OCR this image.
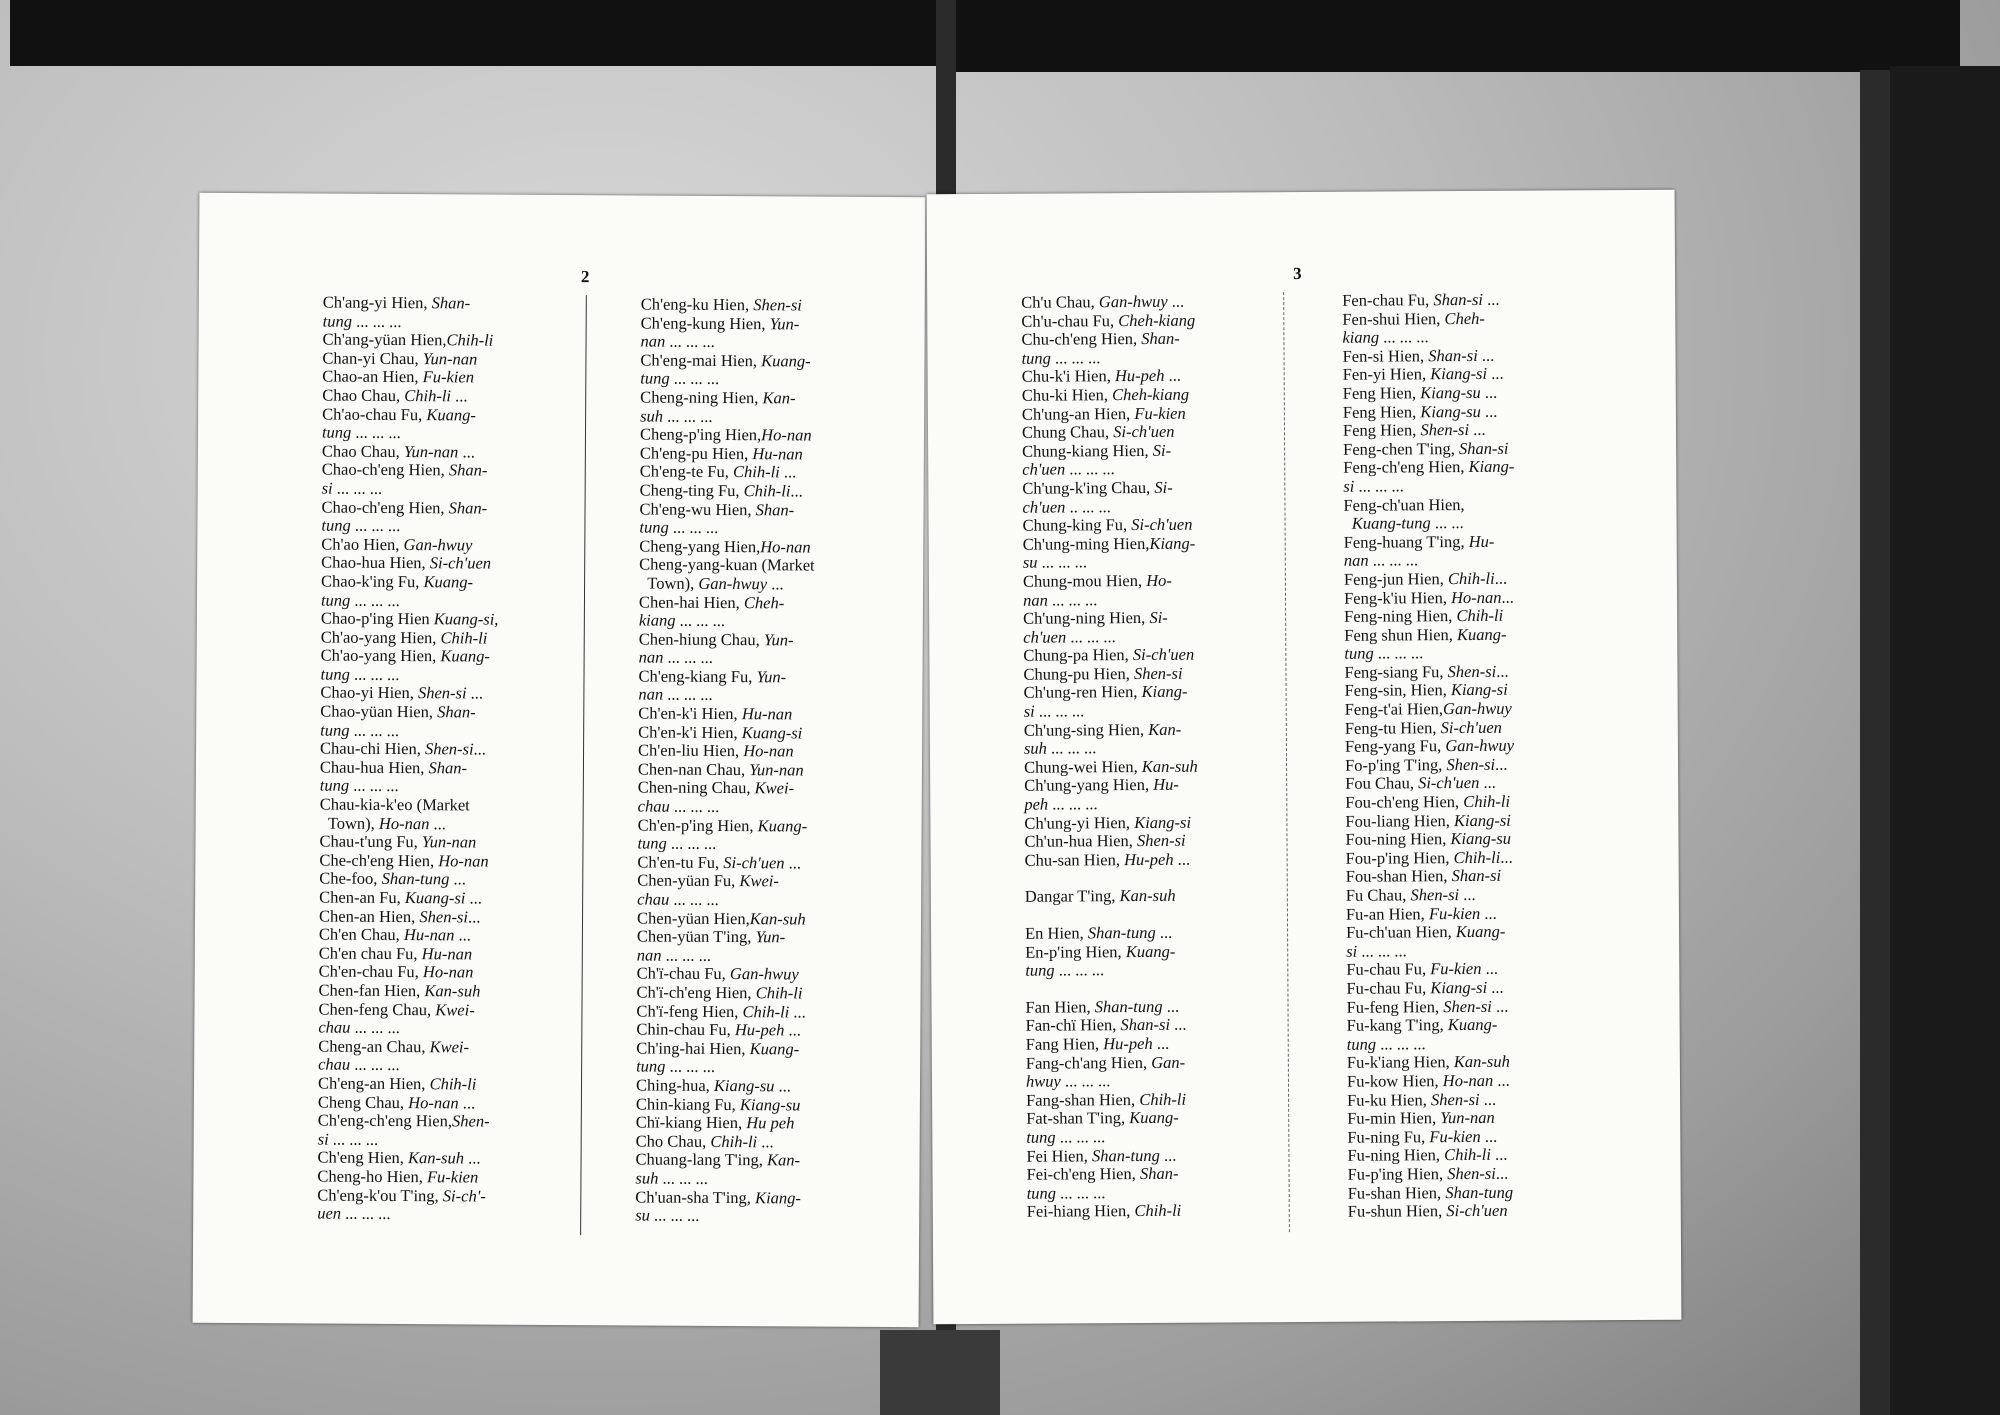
2
Ch'ang-yi Hien, Shan-
tung ... ... ...
Ch'ang-yüan Hien,Chih-li
Chan-yi Chau, Yun-nan
Chao-an Hien, Fu-kien
Chao Chau, Chih-li ...
Ch'ao-chau Fu, Kuang-
tung ... ... ...
Chao Chau, Yun-nan ...
Chao-ch'eng Hien, Shan-
si ... ... ...
Chao-ch'eng Hien, Shan-
tung ... ... ...
Ch'ao Hien, Gan-hwuy
Chao-hua Hien, Si-ch'uen
Chao-k'ing Fu, Kuang-
tung ... ... ...
Chao-p'ing Hien Kuang-si,
Ch'ao-yang Hien, Chih-li
Ch'ao-yang Hien, Kuang-
tung ... ... ...
Chao-yi Hien, Shen-si ...
Chao-yüan Hien, Shan-
tung ... ... ...
Chau-chi Hien, Shen-si...
Chau-hua Hien, Shan-
tung ... ... ...
Chau-kia-k'eo (Market
Town), Ho-nan ...
Chau-t'ung Fu, Yun-nan
Che-ch'eng Hien, Ho-nan
Che-foo, Shan-tung ...
Chen-an Fu, Kuang-si ...
Chen-an Hien, Shen-si...
Ch'en Chau, Hu-nan ...
Ch'en chau Fu, Hu-nan
Ch'en-chau Fu, Ho-nan
Chen-fan Hien, Kan-suh
Chen-feng Chau, Kwei-
chau ... ... ...
Cheng-an Chau, Kwei-
chau ... ... ...
Ch'eng-an Hien, Chih-li
Cheng Chau, Ho-nan ...
Ch'eng-ch'eng Hien,Shen-
si ... ... ...
Ch'eng Hien, Kan-suh ...
Cheng-ho Hien, Fu-kien
Ch'eng-k'ou T'ing, Si-ch'-
uen ... ... ...
Ch'eng-ku Hien, Shen-si
Ch'eng-kung Hien, Yun-
nan ... ... ...
Ch'eng-mai Hien, Kuang-
tung ... ... ...
Cheng-ning Hien, Kan-
suh ... ... ...
Cheng-p'ing Hien,Ho-nan
Ch'eng-pu Hien, Hu-nan
Ch'eng-te Fu, Chih-li ...
Cheng-ting Fu, Chih-li...
Ch'eng-wu Hien, Shan-
tung ... ... ...
Cheng-yang Hien,Ho-nan
Cheng-yang-kuan (Market
Town), Gan-hwuy ...
Chen-hai Hien, Cheh-
kiang ... ... ...
Chen-hiung Chau, Yun-
nan ... ... ...
Ch'eng-kiang Fu, Yun-
nan ... ... ...
Ch'en-k'i Hien, Hu-nan
Ch'en-k'i Hien, Kuang-si
Ch'en-liu Hien, Ho-nan
Chen-nan Chau, Yun-nan
Chen-ning Chau, Kwei-
chau ... ... ...
Ch'en-p'ing Hien, Kuang-
tung ... ... ...
Ch'en-tu Fu, Si-ch'uen ...
Chen-yüan Fu, Kwei-
chau ... ... ...
Chen-yüan Hien,Kan-suh
Chen-yüan T'ing, Yun-
nan ... ... ...
Ch'ï-chau Fu, Gan-hwuy
Ch'ï-ch'eng Hien, Chih-li
Ch'ï-feng Hien, Chih-li ...
Chin-chau Fu, Hu-peh ...
Ch'ing-hai Hien, Kuang-
tung ... ... ...
Ching-hua, Kiang-su ...
Chin-kiang Fu, Kiang-su
Chï-kiang Hien, Hu peh
Cho Chau, Chih-li ...
Chuang-lang T'ing, Kan-
suh ... ... ...
Ch'uan-sha T'ing, Kiang-
su ... ... ...
3
Ch'u Chau, Gan-hwuy ...
Ch'u-chau Fu, Cheh-kiang
Chu-ch'eng Hien, Shan-
tung ... ... ...
Chu-k'i Hien, Hu-peh ...
Chu-ki Hien, Cheh-kiang
Ch'ung-an Hien, Fu-kien
Chung Chau, Si-ch'uen
Chung-kiang Hien, Si-
ch'uen ... ... ...
Ch'ung-k'ing Chau, Si-
ch'uen .. ... ...
Chung-king Fu, Si-ch'uen
Ch'ung-ming Hien,Kiang-
su ... ... ...
Chung-mou Hien, Ho-
nan ... ... ...
Ch'ung-ning Hien, Si-
ch'uen ... ... ...
Chung-pa Hien, Si-ch'uen
Chung-pu Hien, Shen-si
Ch'ung-ren Hien, Kiang-
si ... ... ...
Ch'ung-sing Hien, Kan-
suh ... ... ...
Chung-wei Hien, Kan-suh
Ch'ung-yang Hien, Hu-
peh ... ... ...
Ch'ung-yi Hien, Kiang-si
Ch'un-hua Hien, Shen-si
Chu-san Hien, Hu-peh ...
Dangar T'ing, Kan-suh
En Hien, Shan-tung ...
En-p'ing Hien, Kuang-
tung ... ... ...
Fan Hien, Shan-tung ...
Fan-chï Hien, Shan-si ...
Fang Hien, Hu-peh ...
Fang-ch'ang Hien, Gan-
hwuy ... ... ...
Fang-shan Hien, Chih-li
Fat-shan T'ing, Kuang-
tung ... ... ...
Fei Hien, Shan-tung ...
Fei-ch'eng Hien, Shan-
tung ... ... ...
Fei-hiang Hien, Chih-li
Fen-chau Fu, Shan-si ...
Fen-shui Hien, Cheh-
kiang ... ... ...
Fen-si Hien, Shan-si ...
Fen-yi Hien, Kiang-si ...
Feng Hien, Kiang-su ...
Feng Hien, Kiang-su ...
Feng Hien, Shen-si ...
Feng-chen T'ing, Shan-si
Feng-ch'eng Hien, Kiang-
si ... ... ...
Feng-ch'uan Hien,
Kuang-tung ... ...
Feng-huang T'ing, Hu-
nan ... ... ...
Feng-jun Hien, Chih-li...
Feng-k'iu Hien, Ho-nan...
Feng-ning Hien, Chih-li
Feng shun Hien, Kuang-
tung ... ... ...
Feng-siang Fu, Shen-si...
Feng-sin, Hien, Kiang-si
Feng-t'ai Hien,Gan-hwuy
Feng-tu Hien, Si-ch'uen
Feng-yang Fu, Gan-hwuy
Fo-p'ing T'ing, Shen-si...
Fou Chau, Si-ch'uen ...
Fou-ch'eng Hien, Chih-li
Fou-liang Hien, Kiang-si
Fou-ning Hien, Kiang-su
Fou-p'ing Hien, Chih-li...
Fou-shan Hien, Shan-si
Fu Chau, Shen-si ...
Fu-an Hien, Fu-kien ...
Fu-ch'uan Hien, Kuang-
si ... ... ...
Fu-chau Fu, Fu-kien ...
Fu-chau Fu, Kiang-si ...
Fu-feng Hien, Shen-si ...
Fu-kang T'ing, Kuang-
tung ... ... ...
Fu-k'iang Hien, Kan-suh
Fu-kow Hien, Ho-nan ...
Fu-ku Hien, Shen-si ...
Fu-min Hien, Yun-nan
Fu-ning Fu, Fu-kien ...
Fu-ning Hien, Chih-li ...
Fu-p'ing Hien, Shen-si...
Fu-shan Hien, Shan-tung
Fu-shun Hien, Si-ch'uen
